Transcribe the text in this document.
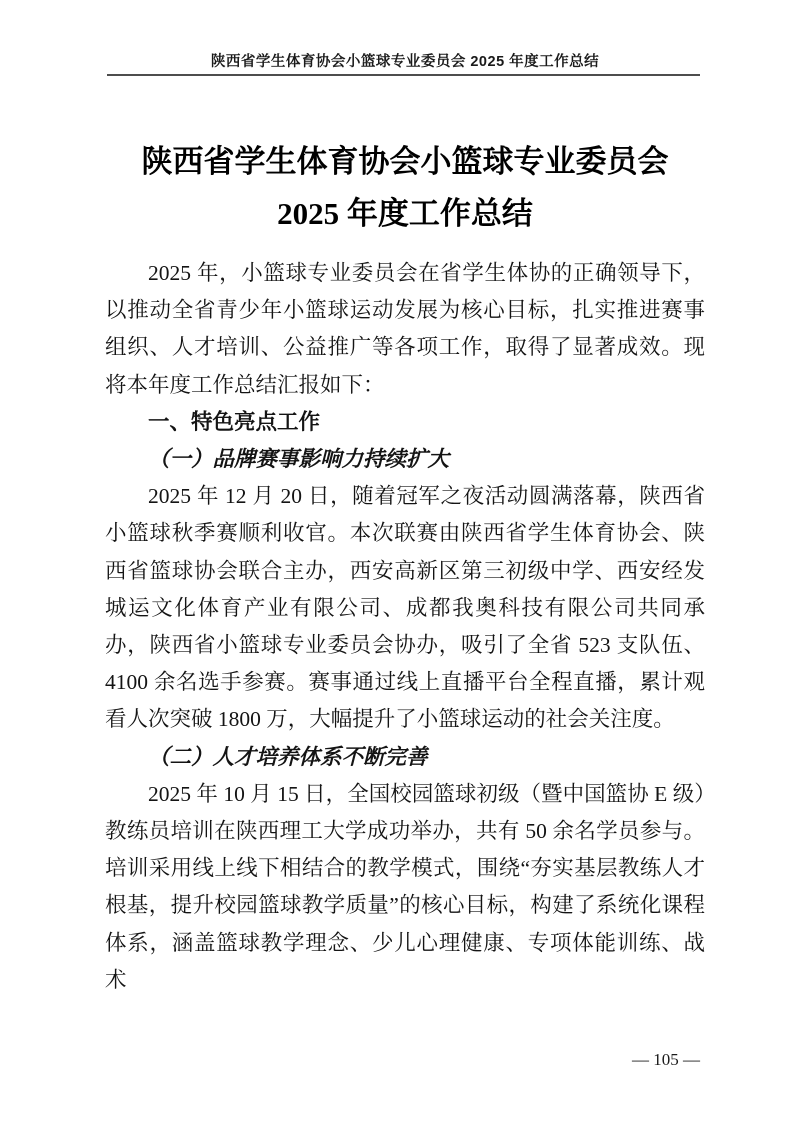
陕西省学生体育协会小篮球专业委员会 2025 年度工作总结
陕西省学生体育协会小篮球专业委员会
2025 年度工作总结

2025 年，小篮球专业委员会在省学生体协的正确领导下，以推动全省青少年小篮球运动发展为核心目标，扎实推进赛事组织、人才培训、公益推广等各项工作，取得了显著成效。现将本年度工作总结汇报如下：

一、特色亮点工作

（一）品牌赛事影响力持续扩大

2025 年 12 月 20 日，随着冠军之夜活动圆满落幕，陕西省小篮球秋季赛顺利收官。本次联赛由陕西省学生体育协会、陕西省篮球协会联合主办，西安高新区第三初级中学、西安经发城运文化体育产业有限公司、成都我奥科技有限公司共同承办，陕西省小篮球专业委员会协办，吸引了全省 523 支队伍、4100 余名选手参赛。赛事通过线上直播平台全程直播，累计观看人次突破 1800 万，大幅提升了小篮球运动的社会关注度。

（二）人才培养体系不断完善

2025 年 10 月 15 日，全国校园篮球初级（暨中国篮协 E 级）教练员培训在陕西理工大学成功举办，共有 50 余名学员参与。培训采用线上线下相结合的教学模式，围绕“夯实基层教练人才根基，提升校园篮球教学质量”的核心目标，构建了系统化课程体系，涵盖篮球教学理念、少儿心理健康、专项体能训练、战术

— 105 —
